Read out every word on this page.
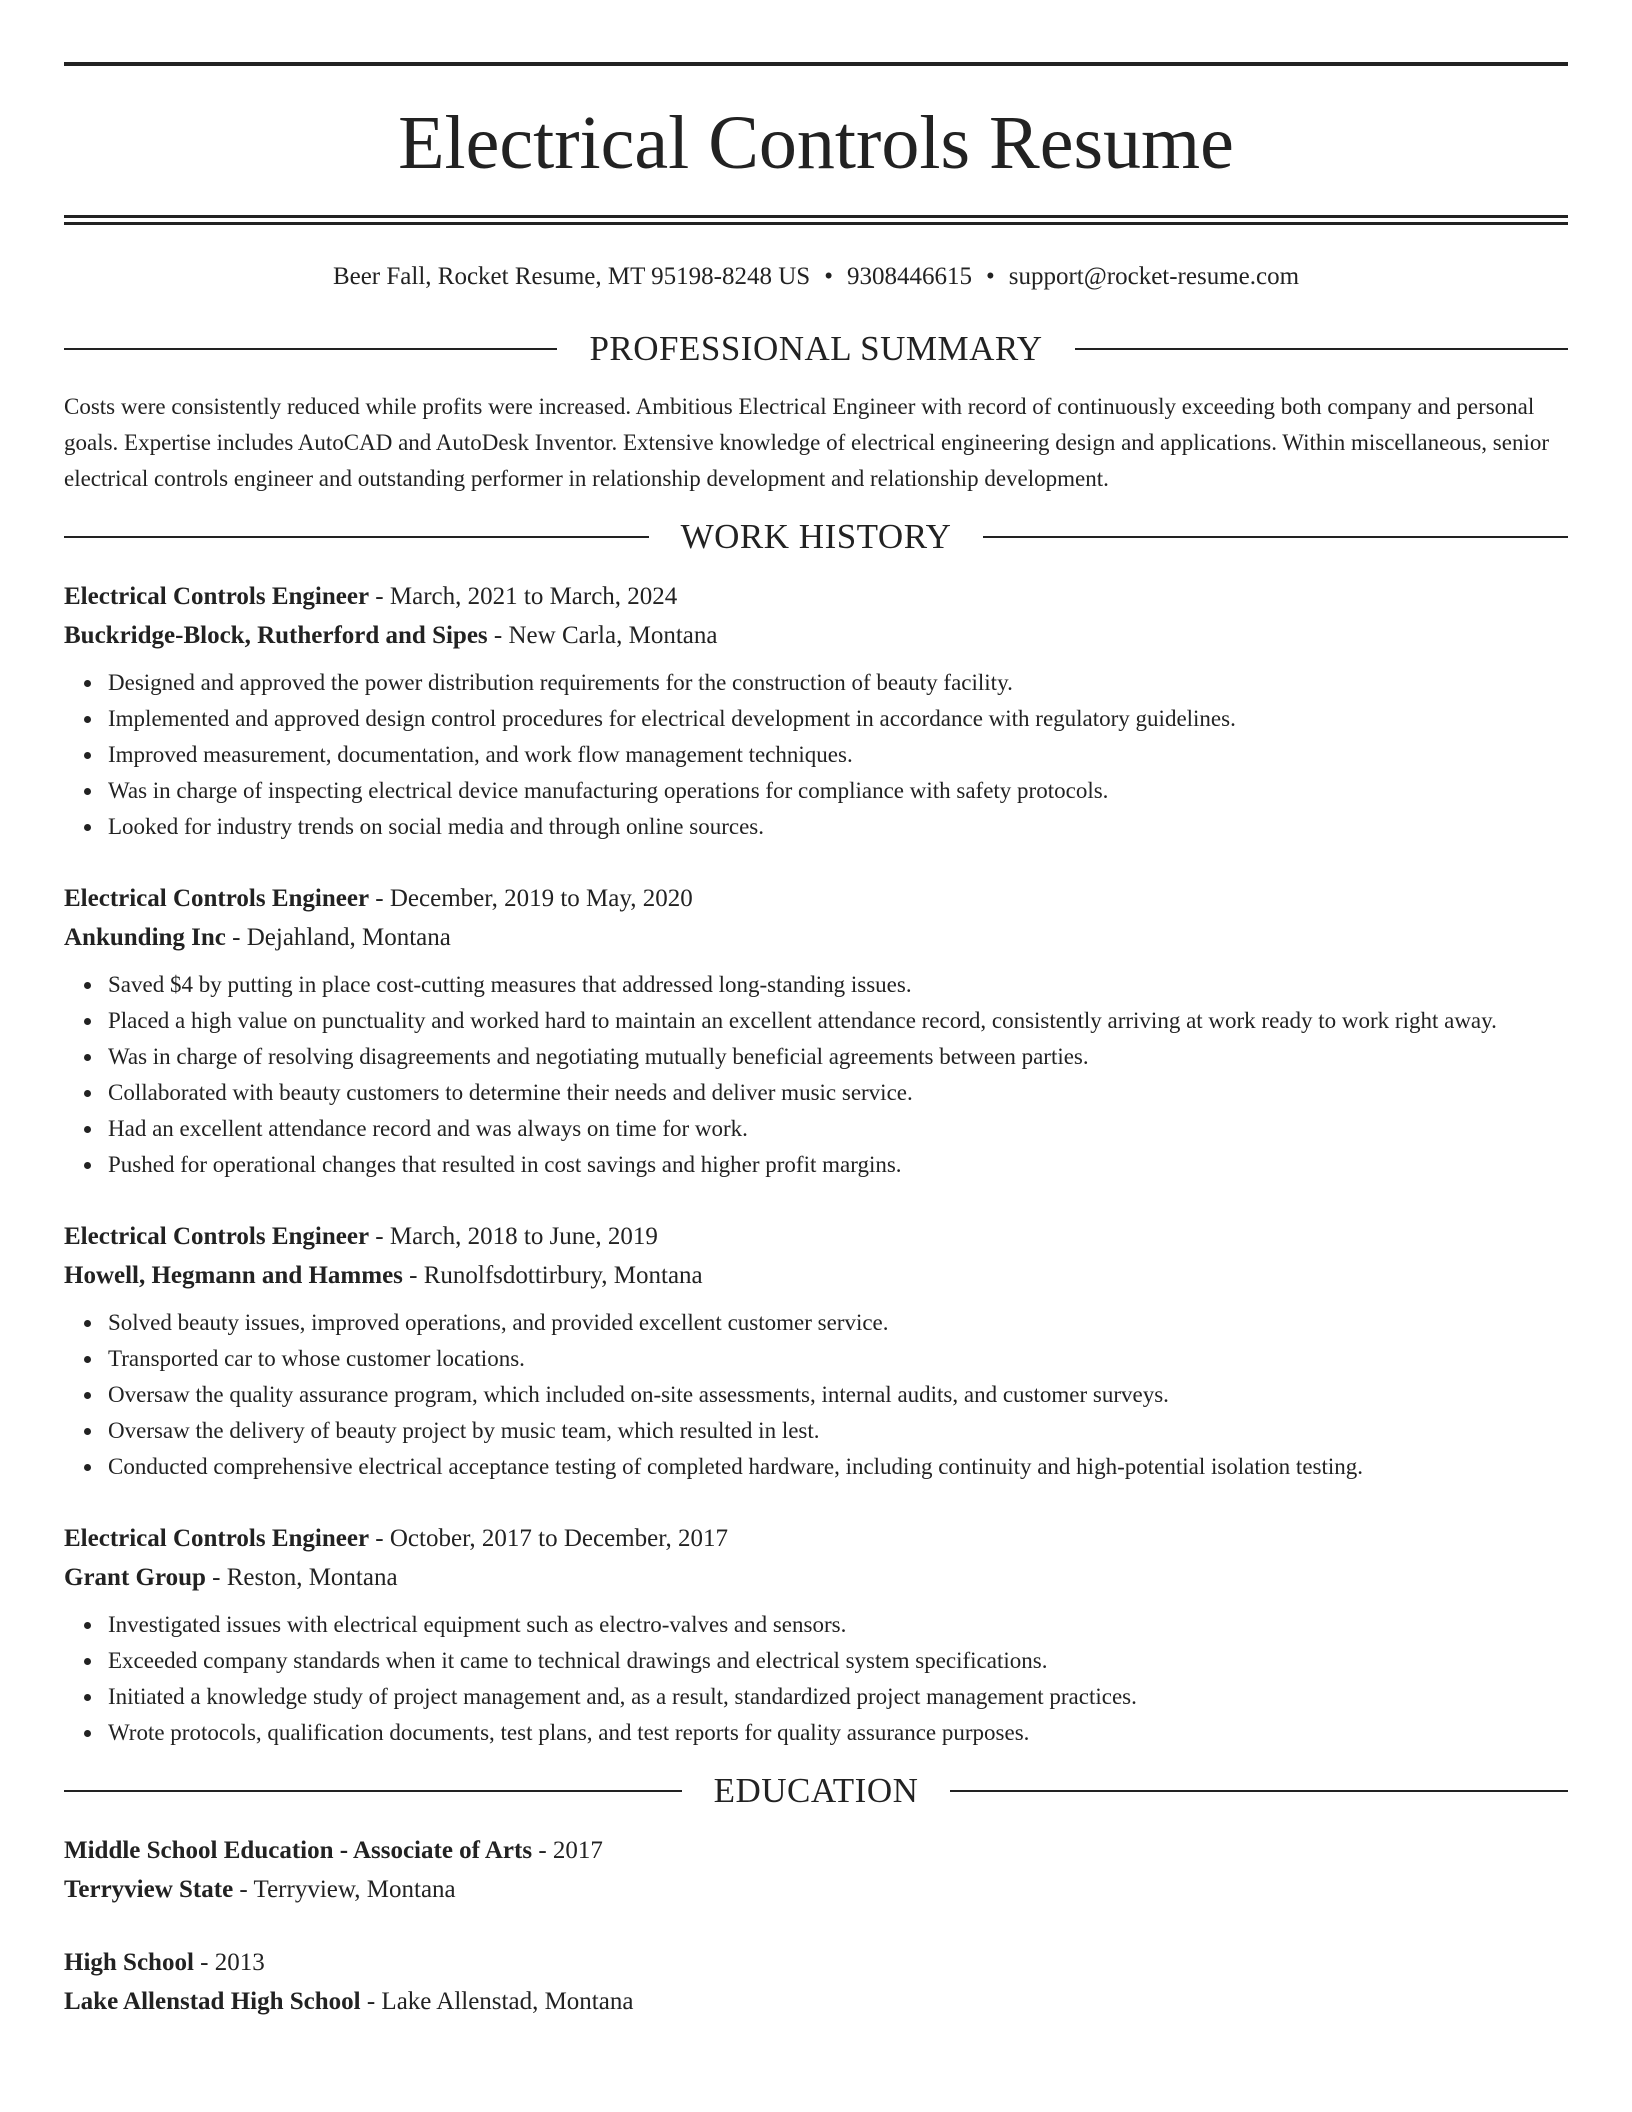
Electrical Controls Resume
Beer Fall, Rocket Resume, MT 95198-8248 US • 9308446615 • support@rocket-resume.com
PROFESSIONAL SUMMARY
Costs were consistently reduced while profits were increased. Ambitious Electrical Engineer with record of continuously exceeding both company and personal goals. Expertise includes AutoCAD and AutoDesk Inventor. Extensive knowledge of electrical engineering design and applications. Within miscellaneous, senior electrical controls engineer and outstanding performer in relationship development and relationship development.
WORK HISTORY
Electrical Controls Engineer - March, 2021 to March, 2024
Buckridge-Block, Rutherford and Sipes - New Carla, Montana
Designed and approved the power distribution requirements for the construction of beauty facility.
Implemented and approved design control procedures for electrical development in accordance with regulatory guidelines.
Improved measurement, documentation, and work flow management techniques.
Was in charge of inspecting electrical device manufacturing operations for compliance with safety protocols.
Looked for industry trends on social media and through online sources.
Electrical Controls Engineer - December, 2019 to May, 2020
Ankunding Inc - Dejahland, Montana
Saved $4 by putting in place cost-cutting measures that addressed long-standing issues.
Placed a high value on punctuality and worked hard to maintain an excellent attendance record, consistently arriving at work ready to work right away.
Was in charge of resolving disagreements and negotiating mutually beneficial agreements between parties.
Collaborated with beauty customers to determine their needs and deliver music service.
Had an excellent attendance record and was always on time for work.
Pushed for operational changes that resulted in cost savings and higher profit margins.
Electrical Controls Engineer - March, 2018 to June, 2019
Howell, Hegmann and Hammes - Runolfsdottirbury, Montana
Solved beauty issues, improved operations, and provided excellent customer service.
Transported car to whose customer locations.
Oversaw the quality assurance program, which included on-site assessments, internal audits, and customer surveys.
Oversaw the delivery of beauty project by music team, which resulted in lest.
Conducted comprehensive electrical acceptance testing of completed hardware, including continuity and high-potential isolation testing.
Electrical Controls Engineer - October, 2017 to December, 2017
Grant Group - Reston, Montana
Investigated issues with electrical equipment such as electro-valves and sensors.
Exceeded company standards when it came to technical drawings and electrical system specifications.
Initiated a knowledge study of project management and, as a result, standardized project management practices.
Wrote protocols, qualification documents, test plans, and test reports for quality assurance purposes.
EDUCATION
Middle School Education - Associate of Arts - 2017
Terryview State - Terryview, Montana
High School - 2013
Lake Allenstad High School - Lake Allenstad, Montana
